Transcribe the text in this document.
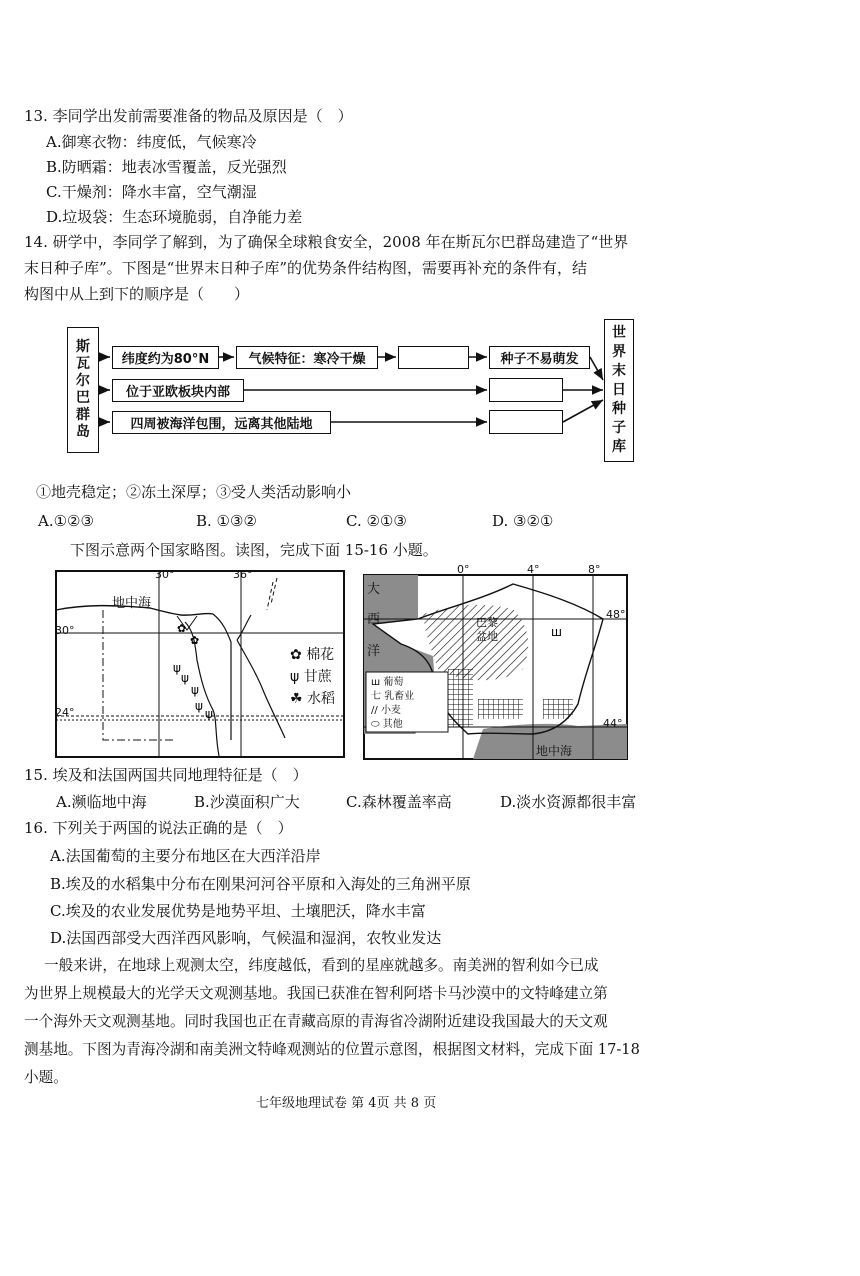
13. 李同学出发前需要准备的物品及原因是（　）
A.御寒衣物：纬度低，气候寒冷
B.防晒霜：地表冰雪覆盖，反光强烈
C.干燥剂：降水丰富，空气潮湿
D.垃圾袋：生态环境脆弱，自净能力差
14. 研学中，李同学了解到，为了确保全球粮食安全，2008 年在斯瓦尔巴群岛建造了“世界
末日种子库”。下图是“世界末日种子库”的优势条件结构图，需要再补充的条件有，结
构图中从上到下的顺序是（　　）
斯
瓦
尔
巴
群
岛
世
界
末
日
种
子
库
纬度约为80°N	气候特征：寒冷干燥	种子不易萌发
位于亚欧板块内部
四周被海洋包围，远离其他陆地
①地壳稳定；②冻土深厚；③受人类活动影响小
A.①②③	B. ①③②	C. ②①③	D. ③②①
下图示意两个国家略图。读图，完成下面 15-16 小题。
ψ
ψ
ψ
ψ
ψ
✿
✿
30°	36°
30°
24°
地中海
✿ 棉花
ψ 甘蔗
☘ 水稻
ш
0°	4°	8°
48°
44°
大
西
洋
巴黎
盆地
地中海
ш 葡萄
七 乳畜业
// 小麦
⬭ 其他
15. 埃及和法国两国共同地理特征是（　）
A.濒临地中海	B.沙漠面积广大	C.森林覆盖率高	D.淡水资源都很丰富
16. 下列关于两国的说法正确的是（　）
A.法国葡萄的主要分布地区在大西洋沿岸
B.埃及的水稻集中分布在刚果河河谷平原和入海处的三角洲平原
C.埃及的农业发展优势是地势平坦、土壤肥沃，降水丰富
D.法国西部受大西洋西风影响，气候温和湿润，农牧业发达
一般来讲，在地球上观测太空，纬度越低，看到的星座就越多。南美洲的智利如今已成
为世界上规模最大的光学天文观测基地。我国已获准在智利阿塔卡马沙漠中的文特峰建立第
一个海外天文观测基地。同时我国也正在青藏高原的青海省冷湖附近建设我国最大的天文观
测基地。下图为青海冷湖和南美洲文特峰观测站的位置示意图，根据图文材料，完成下面 17-18
小题。
七年级地理试卷 第 4页 共 8 页
